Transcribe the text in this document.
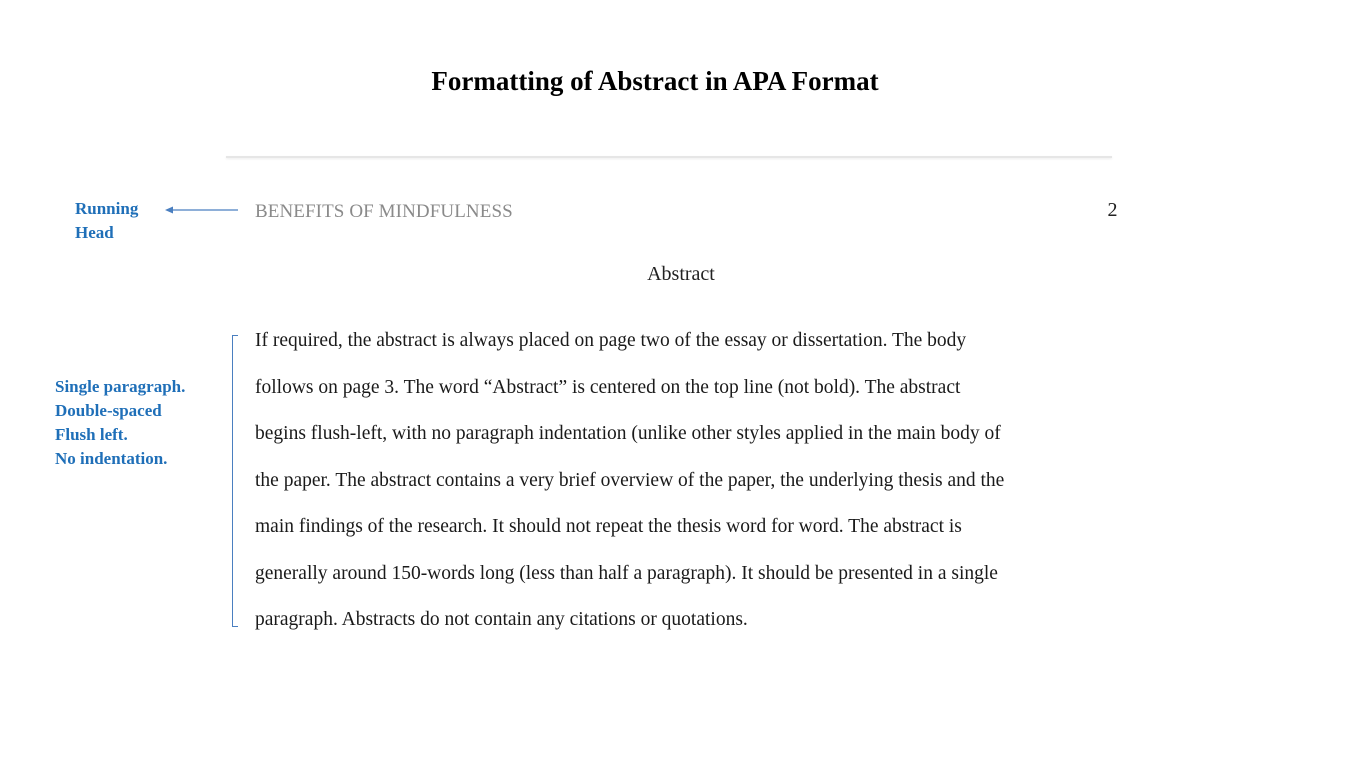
Formatting of Abstract in APA Format
Running
Head
BENEFITS OF MINDFULNESS	2
Abstract
Single paragraph.
Double-spaced
Flush left.
No indentation.
If required, the abstract is always placed on page two of the essay or dissertation. The body
follows on page 3. The word “Abstract” is centered on the top line (not bold). The abstract
begins flush-left, with no paragraph indentation (unlike other styles applied in the main body of
the paper. The abstract contains a very brief overview of the paper, the underlying thesis and the
main findings of the research. It should not repeat the thesis word for word. The abstract is
generally around 150-words long (less than half a paragraph). It should be presented in a single
paragraph. Abstracts do not contain any citations or quotations.
